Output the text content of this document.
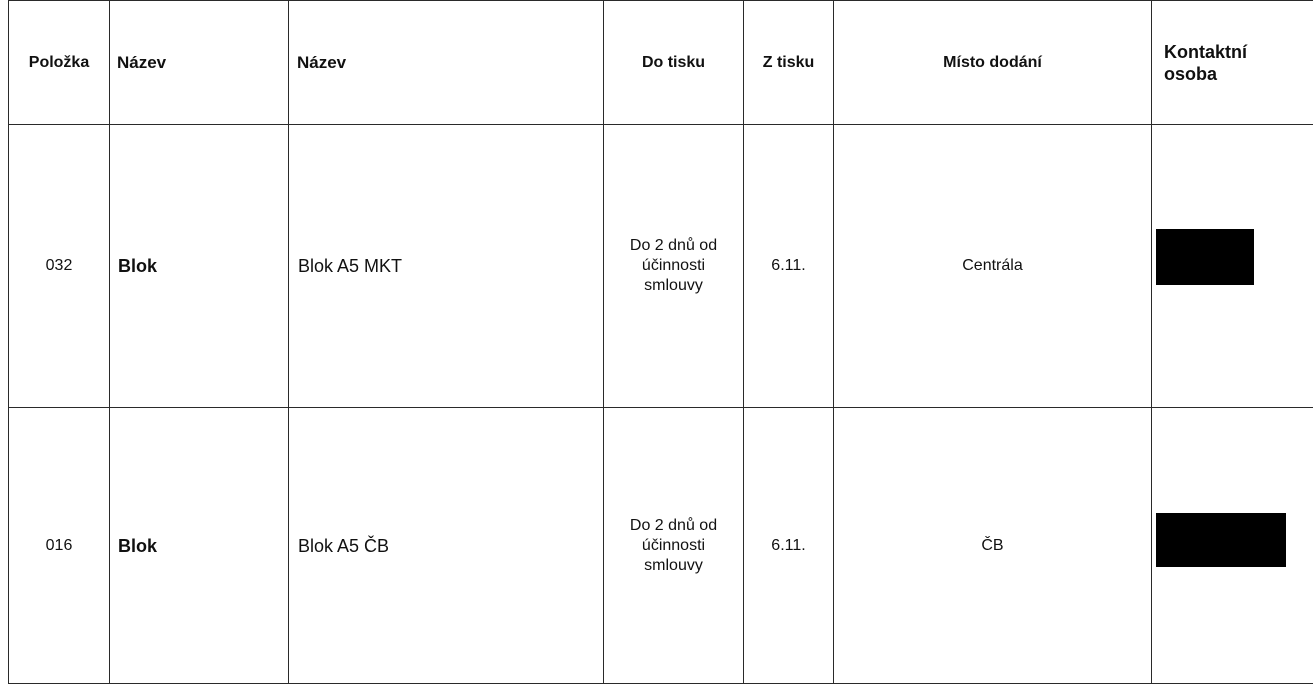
Položka	Název	Název	Do tisku	Z tisku	Místo dodání	Kontaktní
osoba

032	Blok	Blok A5 MKT	Do 2 dnů od
účinnosti
smlouvy	6.11.	Centrála	

016	Blok	Blok A5 ČB	Do 2 dnů od
účinnosti
smlouvy	6.11.	ČB	
